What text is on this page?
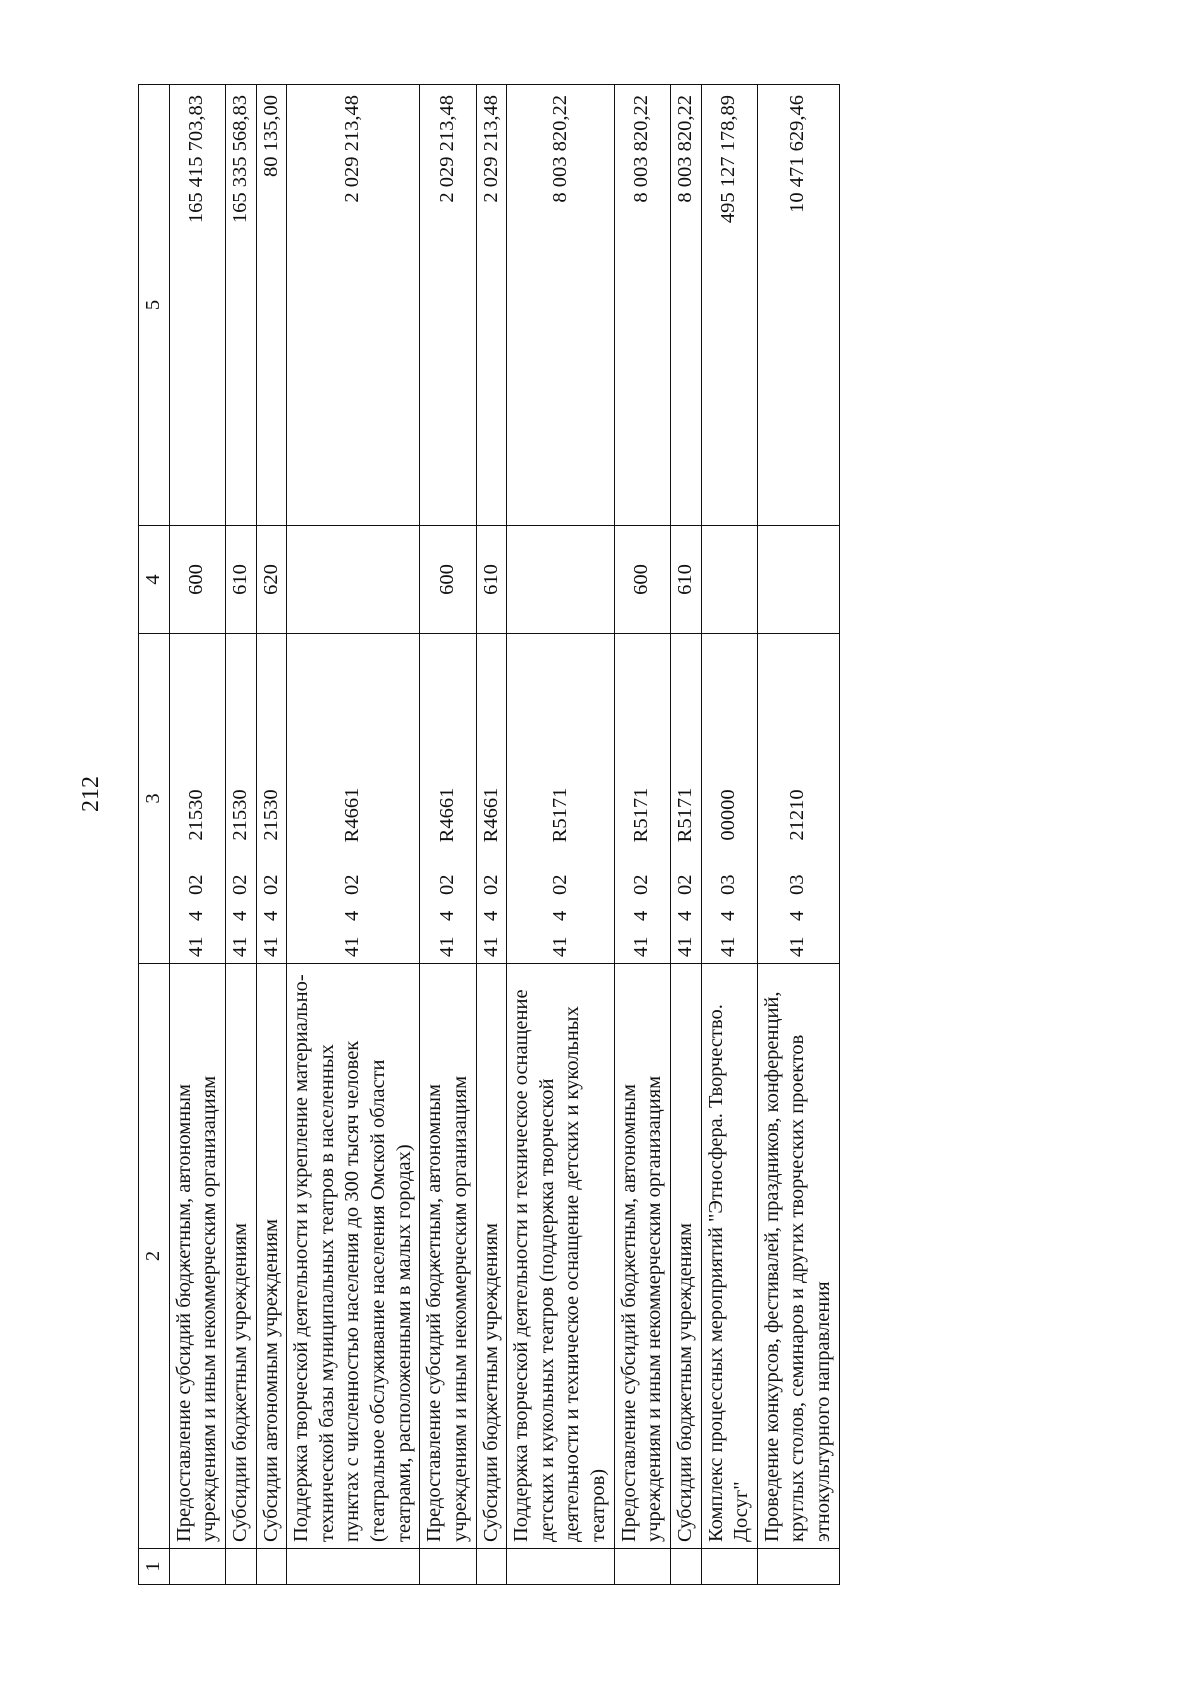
212
1	2	3	4	5
	Предоставление субсидий бюджетным, автономным учреждениям и иным некоммерческим организациям	4140221530	600	165 415 703,83
	Субсидии бюджетным учреждениям	4140221530	610	165 335 568,83
	Субсидии автономным учреждениям	4140221530	620	80 135,00
	Поддержка творческой деятельности и укрепление материально-технической базы муниципальных театров в населенных пунктах с численностью населения до 300 тысяч человек (театральное обслуживание населения Омской области театрами, расположенными в малых городах)	41402R4661		2 029 213,48
	Предоставление субсидий бюджетным, автономным учреждениям и иным некоммерческим организациям	41402R4661	600	2 029 213,48
	Субсидии бюджетным учреждениям	41402R4661	610	2 029 213,48
	Поддержка творческой деятельности и техническое оснащение детских и кукольных театров (поддержка творческой деятельности и техническое оснащение детских и кукольных театров)	41402R5171		8 003 820,22
	Предоставление субсидий бюджетным, автономным учреждениям и иным некоммерческим организациям	41402R5171	600	8 003 820,22
	Субсидии бюджетным учреждениям	41402R5171	610	8 003 820,22
	Комплекс процессных мероприятий "Этносфера. Творчество. Досуг"	4140300000		495 127 178,89
	Проведение конкурсов, фестивалей, праздников, конференций, круглых столов, семинаров и других творческих проектов этнокультурного направления	4140321210		10 471 629,46
